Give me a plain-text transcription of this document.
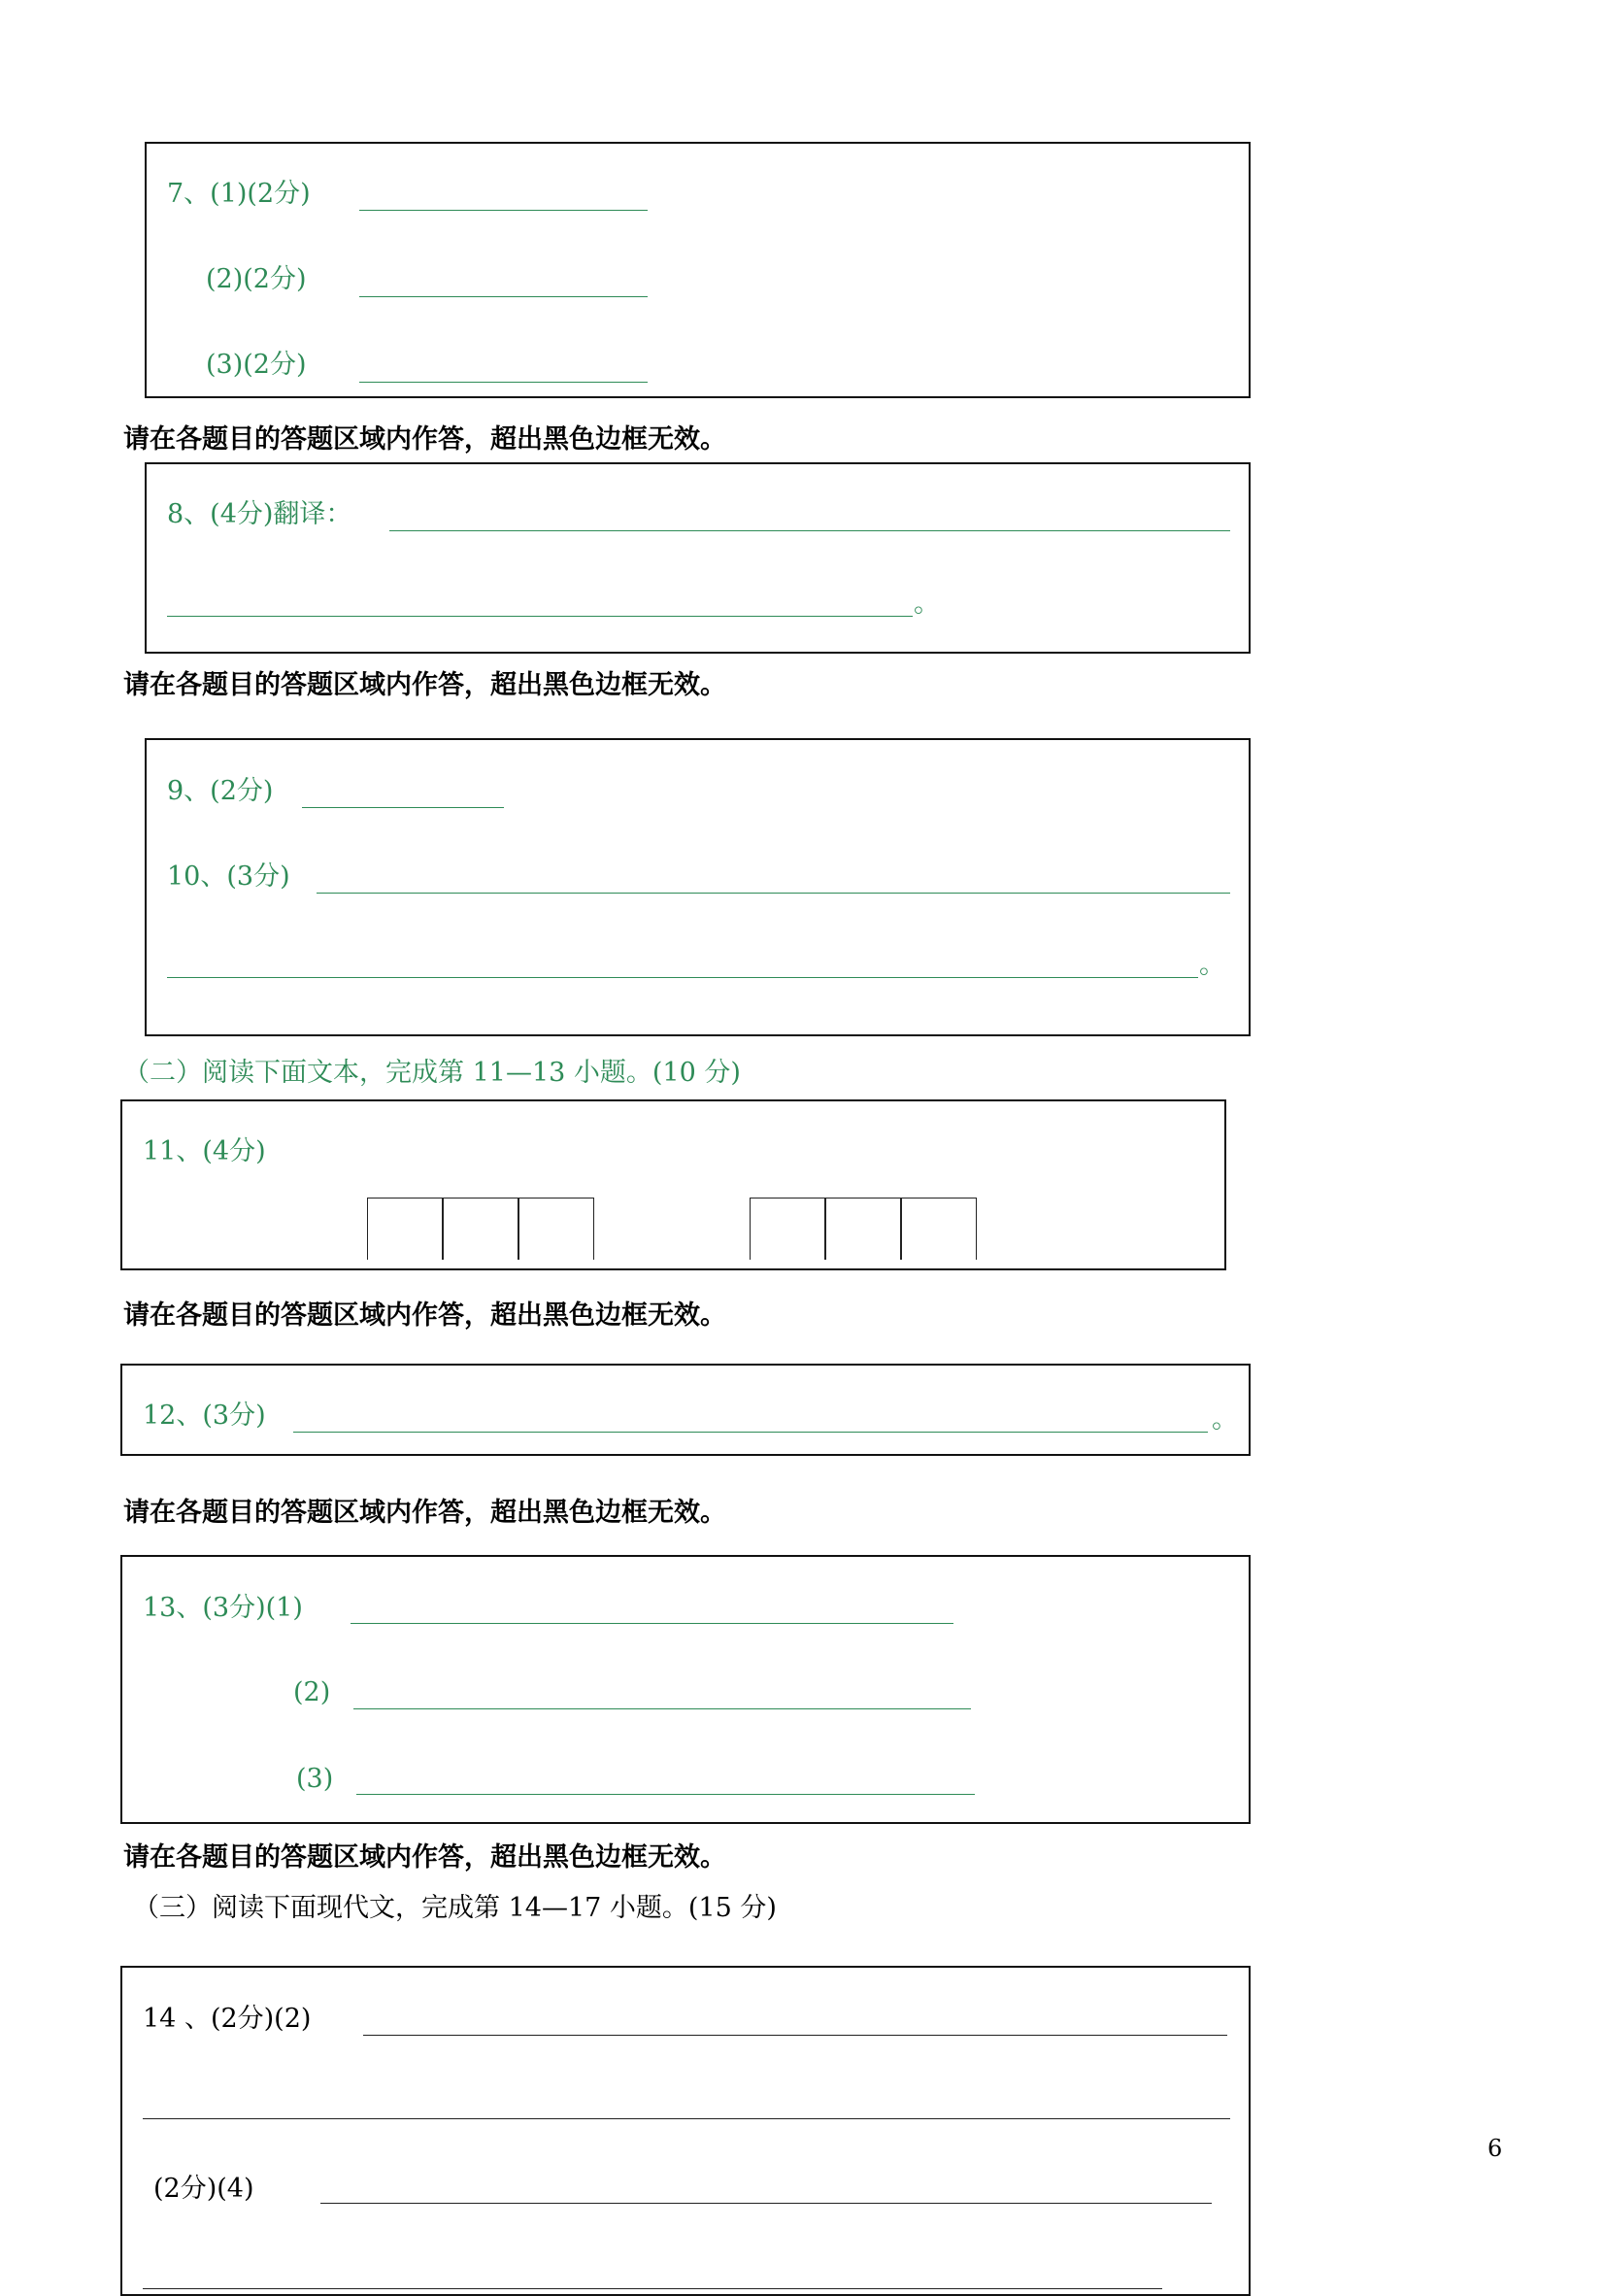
7、(1)(2分)
(2)(2分)
(3)(2分)
请在各题目的答题区域内作答，超出黑色边框无效。
8、(4分)翻译：
。
请在各题目的答题区域内作答，超出黑色边框无效。
9、(2分)
10、(3分)
。
（二）阅读下面文本，完成第 11—13 小题。(10 分)
11、(4分)
请在各题目的答题区域内作答，超出黑色边框无效。
12、(3分)	。
请在各题目的答题区域内作答，超出黑色边框无效。
13、(3分)(1)
(2)
(3)
请在各题目的答题区域内作答，超出黑色边框无效。
（三）阅读下面现代文，完成第 14—17 小题。(15 分)
14 、(2分)(2)
(2分)(4)
6
